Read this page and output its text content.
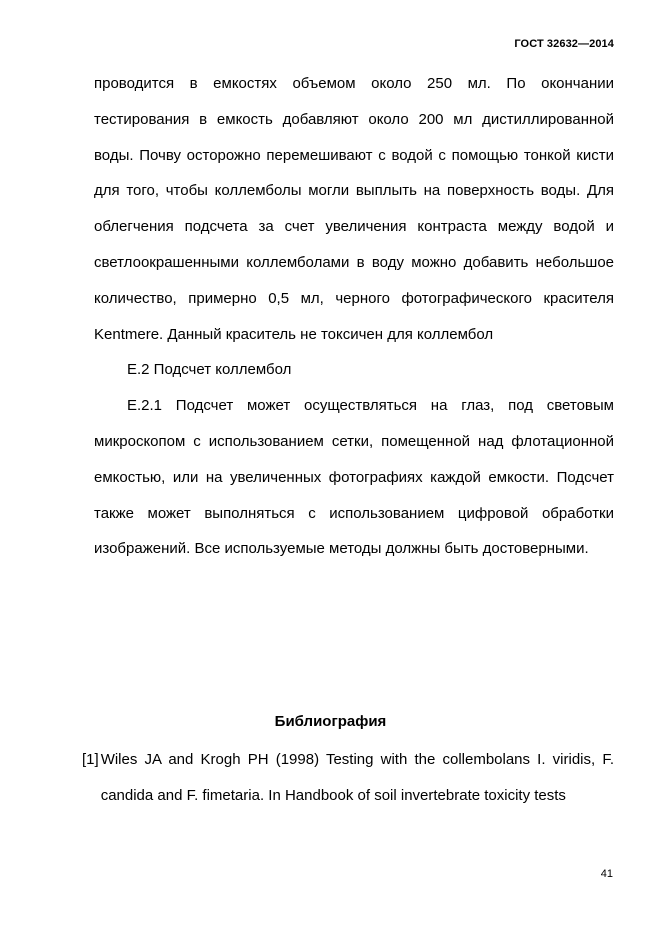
ГОСТ 32632—2014

проводится в емкостях объемом около 250 мл. По окончании тестирования в емкость добавляют около 200 мл дистиллированной воды. Почву осторожно перемешивают с водой с помощью тонкой кисти для того, чтобы коллемболы могли выплыть на поверхность воды. Для облегчения подсчета за счет увеличения контраста между водой и светлоокрашенными коллемболами в воду можно добавить небольшое количество, примерно 0,5 мл, черного фотографического красителя Kentmere. Данный краситель не токсичен для коллембол

Е.2 Подсчет коллембол

Е.2.1 Подсчет может осуществляться на глаз, под световым микроскопом с использованием сетки, помещенной над флотационной емкостью, или на увеличенных фотографиях каждой емкости. Подсчет также может выполняться с использованием цифровой обработки изображений. Все используемые методы должны быть достоверными.

Библиография
[1] Wiles JA and Krogh PH (1998) Testing with the collembolans I. viridis, F. candida and F. fimetaria. In Handbook of soil invertebrate toxicity tests
41
